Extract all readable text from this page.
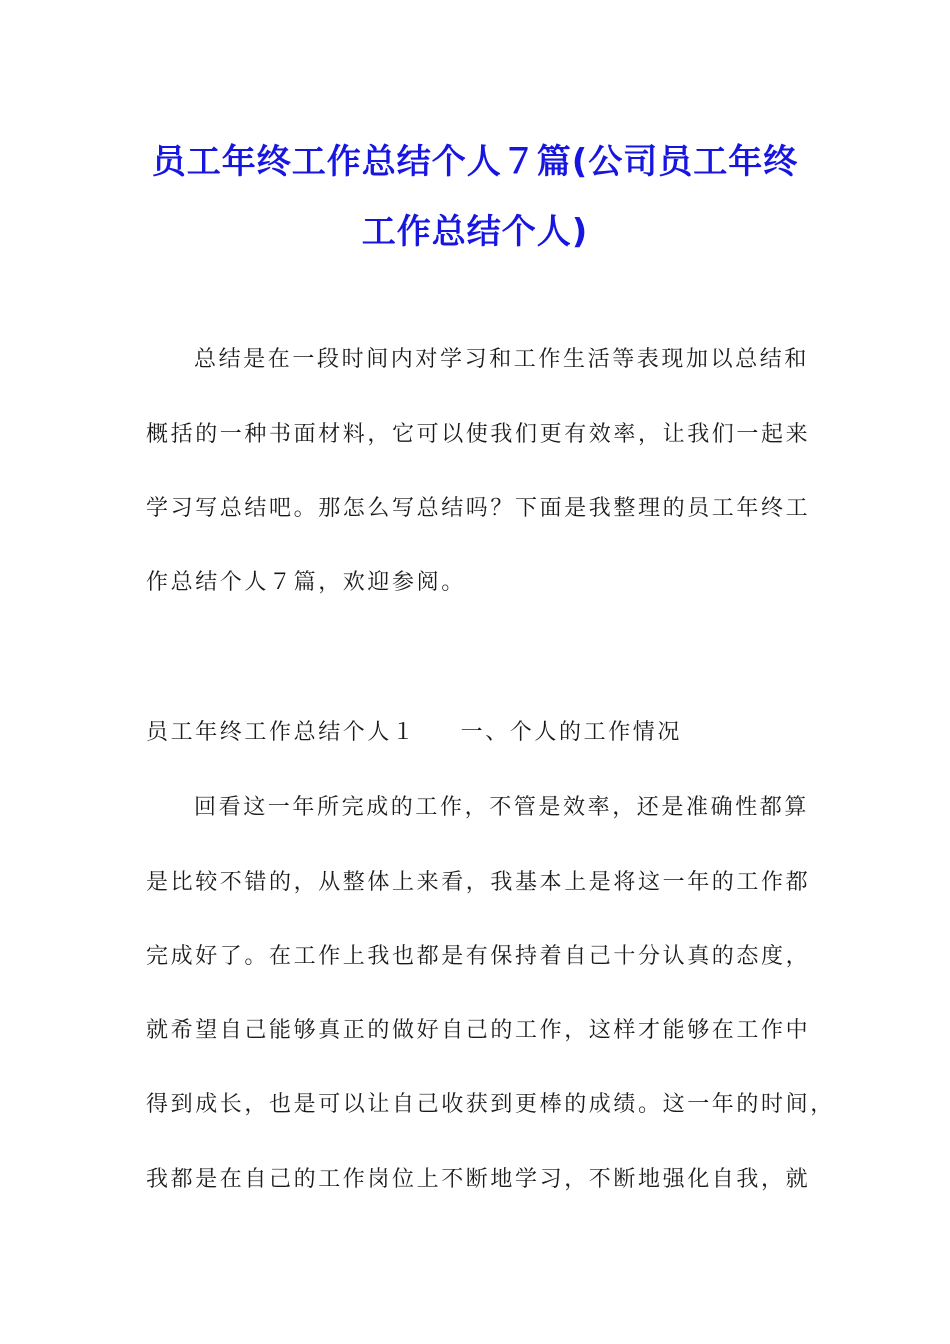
员工年终工作总结个人７篇(公司员工年终
工作总结个人)
总结是在一段时间内对学习和工作生活等表现加以总结和
概括的一种书面材料，它可以使我们更有效率，让我们一起来
学习写总结吧。那怎么写总结吗？下面是我整理的员工年终工
作总结个人７篇，欢迎参阅。
员工年终工作总结个人１ 一、个人的工作情况
回看这一年所完成的工作，不管是效率，还是准确性都算
是比较不错的，从整体上来看，我基本上是将这一年的工作都
完成好了。在工作上我也都是有保持着自己十分认真的态度，
就希望自己能够真正的做好自己的工作，这样才能够在工作中
得到成长，也是可以让自己收获到更棒的成绩。这一年的时间，
我都是在自己的工作岗位上不断地学习，不断地强化自我，就
